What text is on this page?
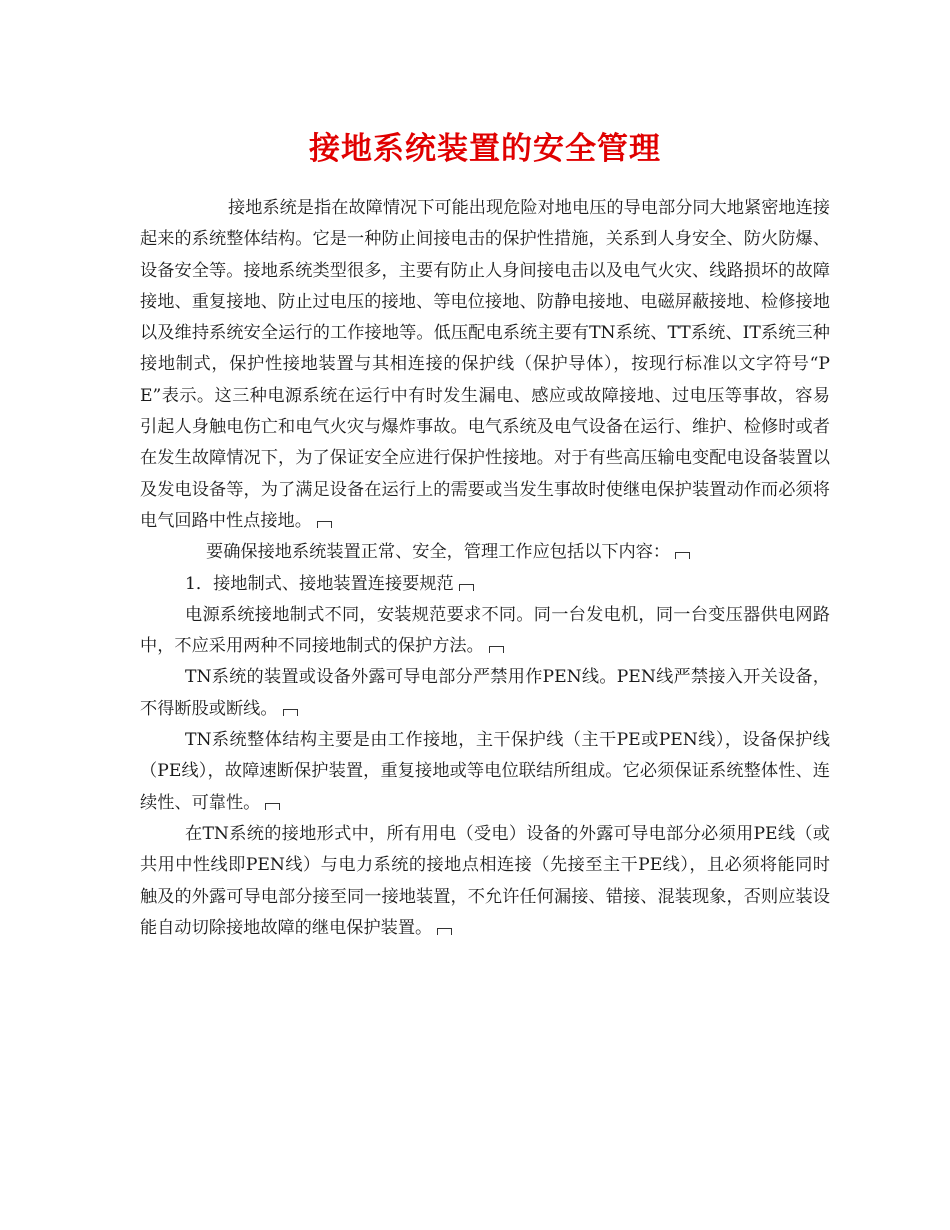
接地系统装置的安全管理

接地系统是指在故障情况下可能出现危险对地电压的导电部分同大地紧密地连接起来的系统整体结构。它是一种防止间接电击的保护性措施，关系到人身安全、防火防爆、设备安全等。接地系统类型很多，主要有防止人身间接电击以及电气火灾、线路损坏的故障接地、重复接地、防止过电压的接地、等电位接地、防静电接地、电磁屏蔽接地、检修接地以及维持系统安全运行的工作接地等。低压配电系统主要有TN系统、TT系统、IT系统三种接地制式，保护性接地装置与其相连接的保护线（保护导体），按现行标准以文字符号“PE”表示。这三种电源系统在运行中有时发生漏电、感应或故障接地、过电压等事故，容易引起人身触电伤亡和电气火灾与爆炸事故。电气系统及电气设备在运行、维护、检修时或者在发生故障情况下，为了保证安全应进行保护性接地。对于有些高压输电变配电设备装置以及发电设备等，为了满足设备在运行上的需要或当发生事故时使继电保护装置动作而必须将电气回路中性点接地。

要确保接地系统装置正常、安全，管理工作应包括以下内容：

1．接地制式、接地装置连接要规范

电源系统接地制式不同，安装规范要求不同。同一台发电机，同一台变压器供电网路中，不应采用两种不同接地制式的保护方法。

TN系统的装置或设备外露可导电部分严禁用作PEN线。PEN线严禁接入开关设备，不得断股或断线。

TN系统整体结构主要是由工作接地，主干保护线（主干PE或PEN线），设备保护线（PE线），故障速断保护装置，重复接地或等电位联结所组成。它必须保证系统整体性、连续性、可靠性。

在TN系统的接地形式中，所有用电（受电）设备的外露可导电部分必须用PE线（或共用中性线即PEN线）与电力系统的接地点相连接（先接至主干PE线），且必须将能同时触及的外露可导电部分接至同一接地装置，不允许任何漏接、错接、混装现象，否则应装设能自动切除接地故障的继电保护装置。
